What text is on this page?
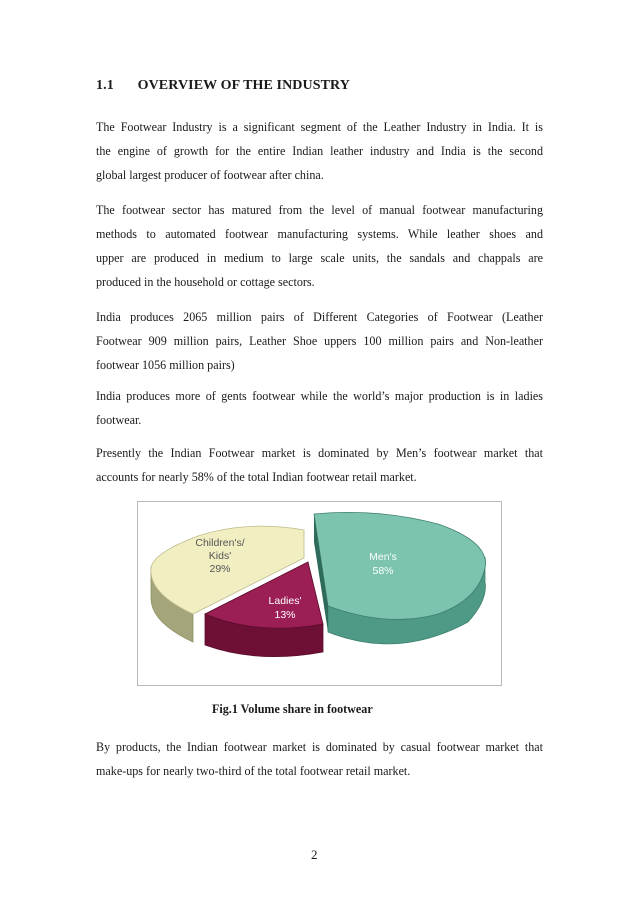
1.1 OVERVIEW OF THE INDUSTRY
The Footwear Industry is a significant segment of the Leather Industry in India. It is
the engine of growth for the entire Indian leather industry and India is the second
global largest producer of footwear after china.
The footwear sector has matured from the level of manual footwear manufacturing
methods to automated footwear manufacturing systems. While leather shoes and
upper are produced in medium to large scale units, the sandals and chappals are
produced in the household or cottage sectors.
India produces 2065 million pairs of Different Categories of Footwear (Leather
Footwear 909 million pairs, Leather Shoe uppers 100 million pairs and Non-leather
footwear 1056 million pairs)
India produces more of gents footwear while the world’s major production is in ladies
footwear.
Presently the Indian Footwear market is dominated by Men’s footwear market that
accounts for nearly 58% of the total Indian footwear retail market.
Children's/
Kids'
29%
Ladies'
13%
Men's
58%
Fig.1 Volume share in footwear
By products, the Indian footwear market is dominated by casual footwear market that
make-ups for nearly two-third of the total footwear retail market.
2
